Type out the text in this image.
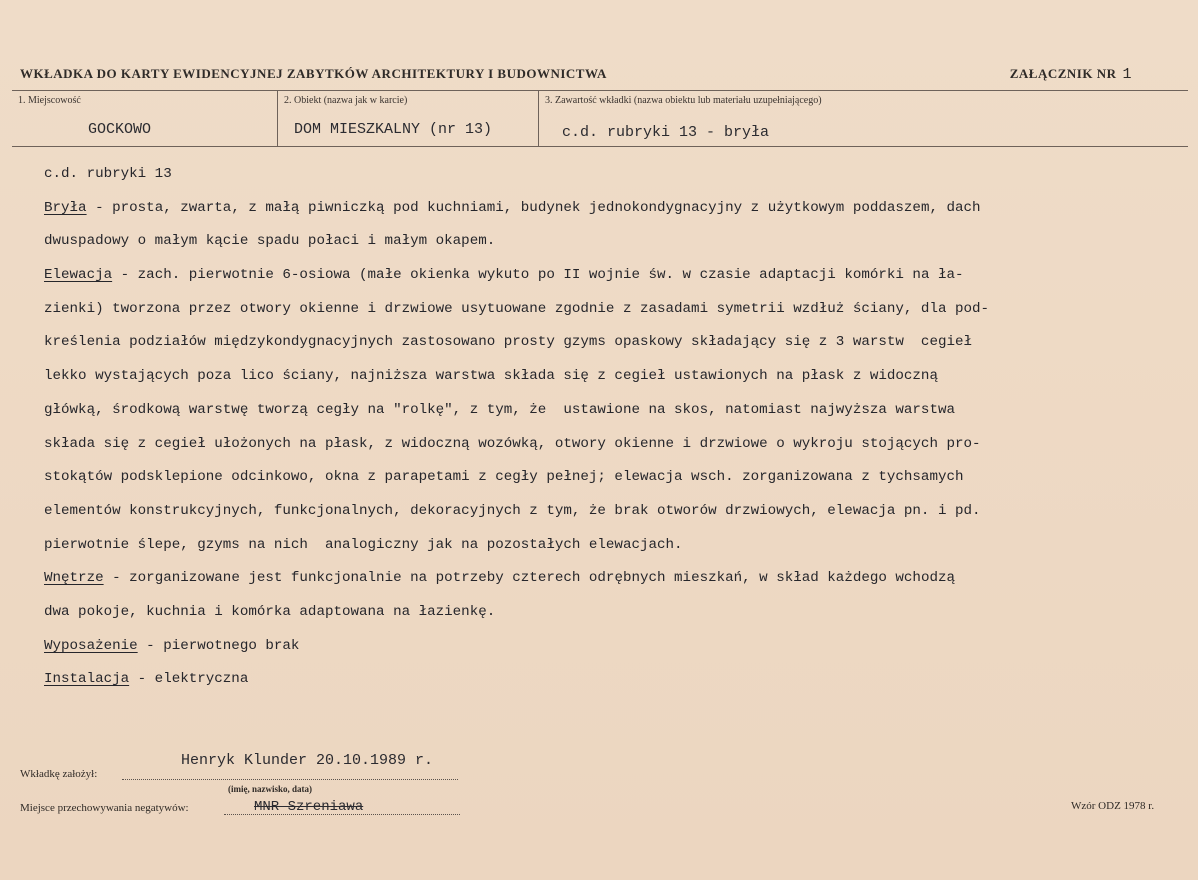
WKŁADKA DO KARTY EWIDENCYJNEJ ZABYTKÓW ARCHITEKTURY I BUDOWNICTWA	ZAŁĄCZNIK NR 1
1. Miejscowość
GOCKOWO
2. Obiekt (nazwa jak w karcie)
DOM MIESZKALNY (nr 13)
3. Zawartość wkładki (nazwa obiektu lub materiału uzupełniającego)
c.d. rubryki 13 - bryła
c.d. rubryki 13
Bryła - prosta, zwarta, z małą piwniczką pod kuchniami, budynek jednokondygnacyjny z użytkowym poddaszem, dach
dwuspadowy o małym kącie spadu połaci i małym okapem.
Elewacja - zach. pierwotnie 6-osiowa (małe okienka wykuto po II wojnie św. w czasie adaptacji komórki na ła-
zienki) tworzona przez otwory okienne i drzwiowe usytuowane zgodnie z zasadami symetrii wzdłuż ściany, dla pod-
kreślenia podziałów międzykondygnacyjnych zastosowano prosty gzyms opaskowy składający się z 3 warstw  cegieł
lekko wystających poza lico ściany, najniższa warstwa składa się z cegieł ustawionych na płask z widoczną
główką, środkową warstwę tworzą cegły na "rolkę", z tym, że  ustawione na skos, natomiast najwyższa warstwa
składa się z cegieł ułożonych na płask, z widoczną wozówką, otwory okienne i drzwiowe o wykroju stojących pro-
stokątów podsklepione odcinkowo, okna z parapetami z cegły pełnej; elewacja wsch. zorganizowana z tychsamych
elementów konstrukcyjnych, funkcjonalnych, dekoracyjnych z tym, że brak otworów drzwiowych, elewacja pn. i pd.
pierwotnie ślepe, gzyms na nich  analogiczny jak na pozostałych elewacjach.
Wnętrze - zorganizowane jest funkcjonalnie na potrzeby czterech odrębnych mieszkań, w skład każdego wchodzą
dwa pokoje, kuchnia i komórka adaptowana na łazienkę.
Wyposażenie - pierwotnego brak
Instalacja - elektryczna
Wkładkę założył:
Henryk Klunder 20.10.1989 r.
(imię, nazwisko, data)
Miejsce przechowywania negatywów:	MNR Szreniawa	Wzór ODZ 1978 r.
